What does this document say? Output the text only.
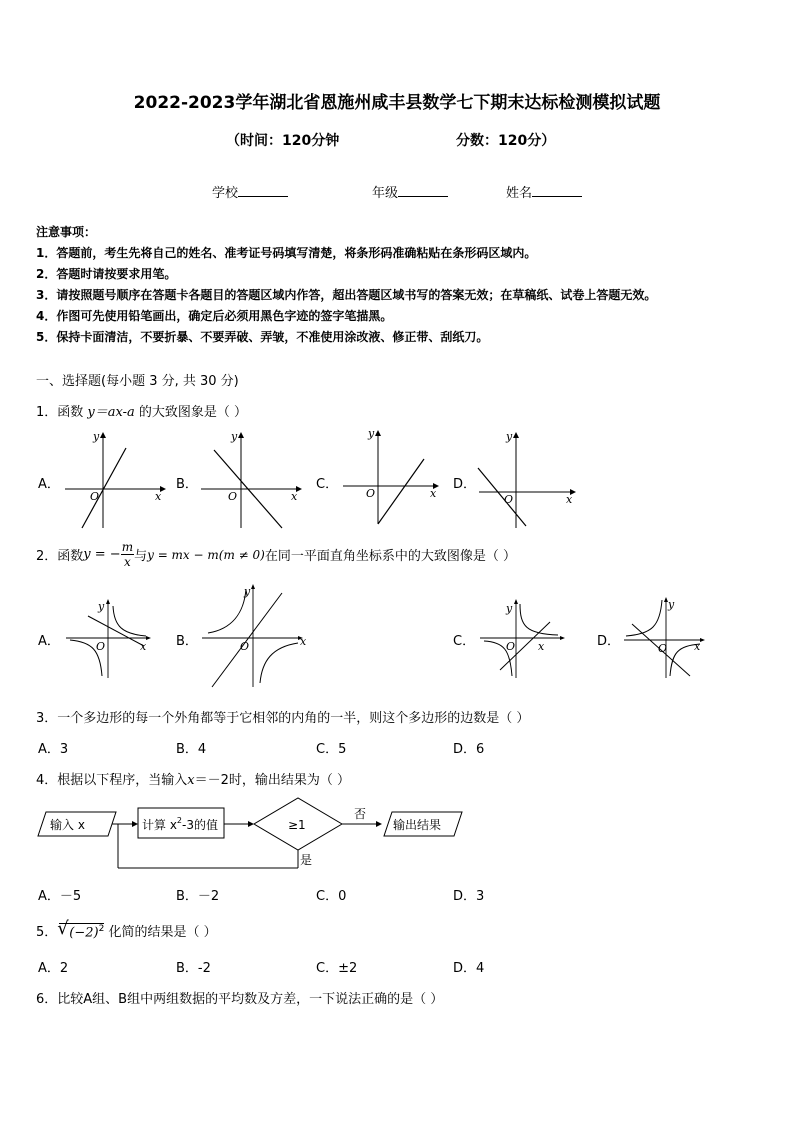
2022-2023学年湖北省恩施州咸丰县数学七下期末达标检测模拟试题
（时间：120分钟	分数：120分）
学校	年级	姓名
注意事项：
1．答题前，考生先将自己的姓名、准考证号码填写清楚，将条形码准确粘贴在条形码区域内。
2．答题时请按要求用笔。
3．请按照题号顺序在答题卡各题目的答题区域内作答，超出答题区域书写的答案无效；在草稿纸、试卷上答题无效。
4．作图可先使用铅笔画出，确定后必须用黑色字迹的签字笔描黑。
5．保持卡面清洁，不要折暴、不要弄破、弄皱，不准使用涂改液、修正带、刮纸刀。
一、选择题(每小题 3 分, 共 30 分)
1．函数 y＝ax-a 的大致图象是（ ）
A．	B．	C．	D．
y
x
O
y
x
O
y
x
O
y
x
O
2．函数y = − $\frac{m}{x}$ 与y = mx − m(m ≠ 0)在同一平面直角坐标系中的大致图像是（ ）
A．	B．	C．	D．
y
x
O
y
x
O
y
x
O
y
x
O
3．一个多边形的每一个外角都等于它相邻的内角的一半，则这个多边形的边数是（ ）
A．3	B．4	C．5	D．6
4．根据以下程序，当输入x＝－2时，输出结果为（ ）
输入 x	计算 $x^2-3$的值	≥1
否
输出结果
是
A．－5	B．－2	C．0	D．3
5． √ $(-2)^2$ 化简的结果是（ ）
A．2	B．-2	C．±2	D．4
6．比较A组、B组中两组数据的平均数及方差，一下说法正确的是（ ）
